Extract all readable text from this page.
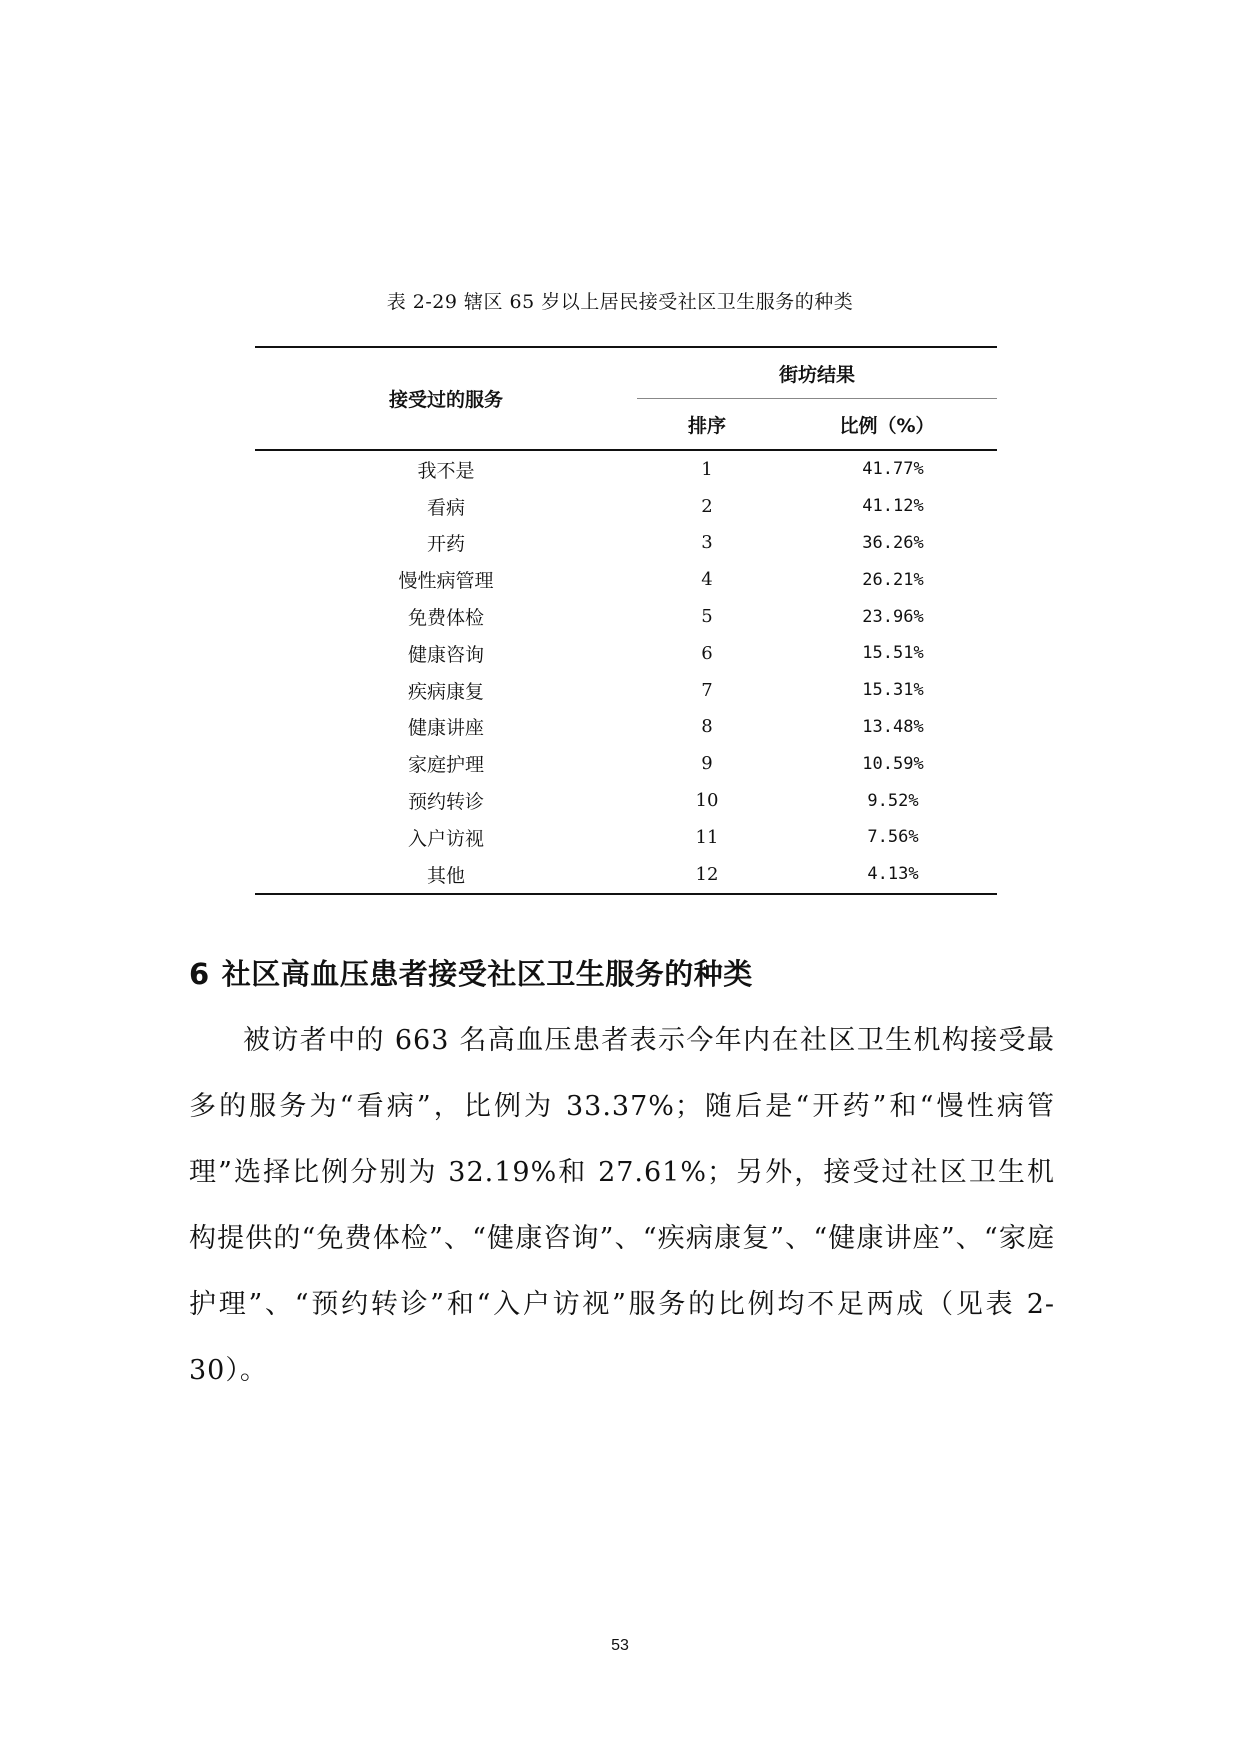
表 2-29 辖区 65 岁以上居民接受社区卫生服务的种类
接受过的服务	街坊结果	
	排序	比例（%）
我不是	1	41.77%
看病	2	41.12%
开药	3	36.26%
慢性病管理	4	26.21%
免费体检	5	23.96%
健康咨询	6	15.51%
疾病康复	7	15.31%
健康讲座	8	13.48%
家庭护理	9	10.59%
预约转诊	10	9.52%
入户访视	11	7.56%
其他	12	4.13%
6 社区高血压患者接受社区卫生服务的种类

被访者中的 663 名高血压患者表示今年内在社区卫生机构接受最多的服务为“看病”，比例为 33.37%；随后是“开药”和“慢性病管理”选择比例分别为 32.19%和 27.61%；另外，接受过社区卫生机构提供的“免费体检”、“健康咨询”、“疾病康复”、“健康讲座”、“家庭护理”、“预约转诊”和“入户访视”服务的比例均不足两成（见表 2-30）。

53
